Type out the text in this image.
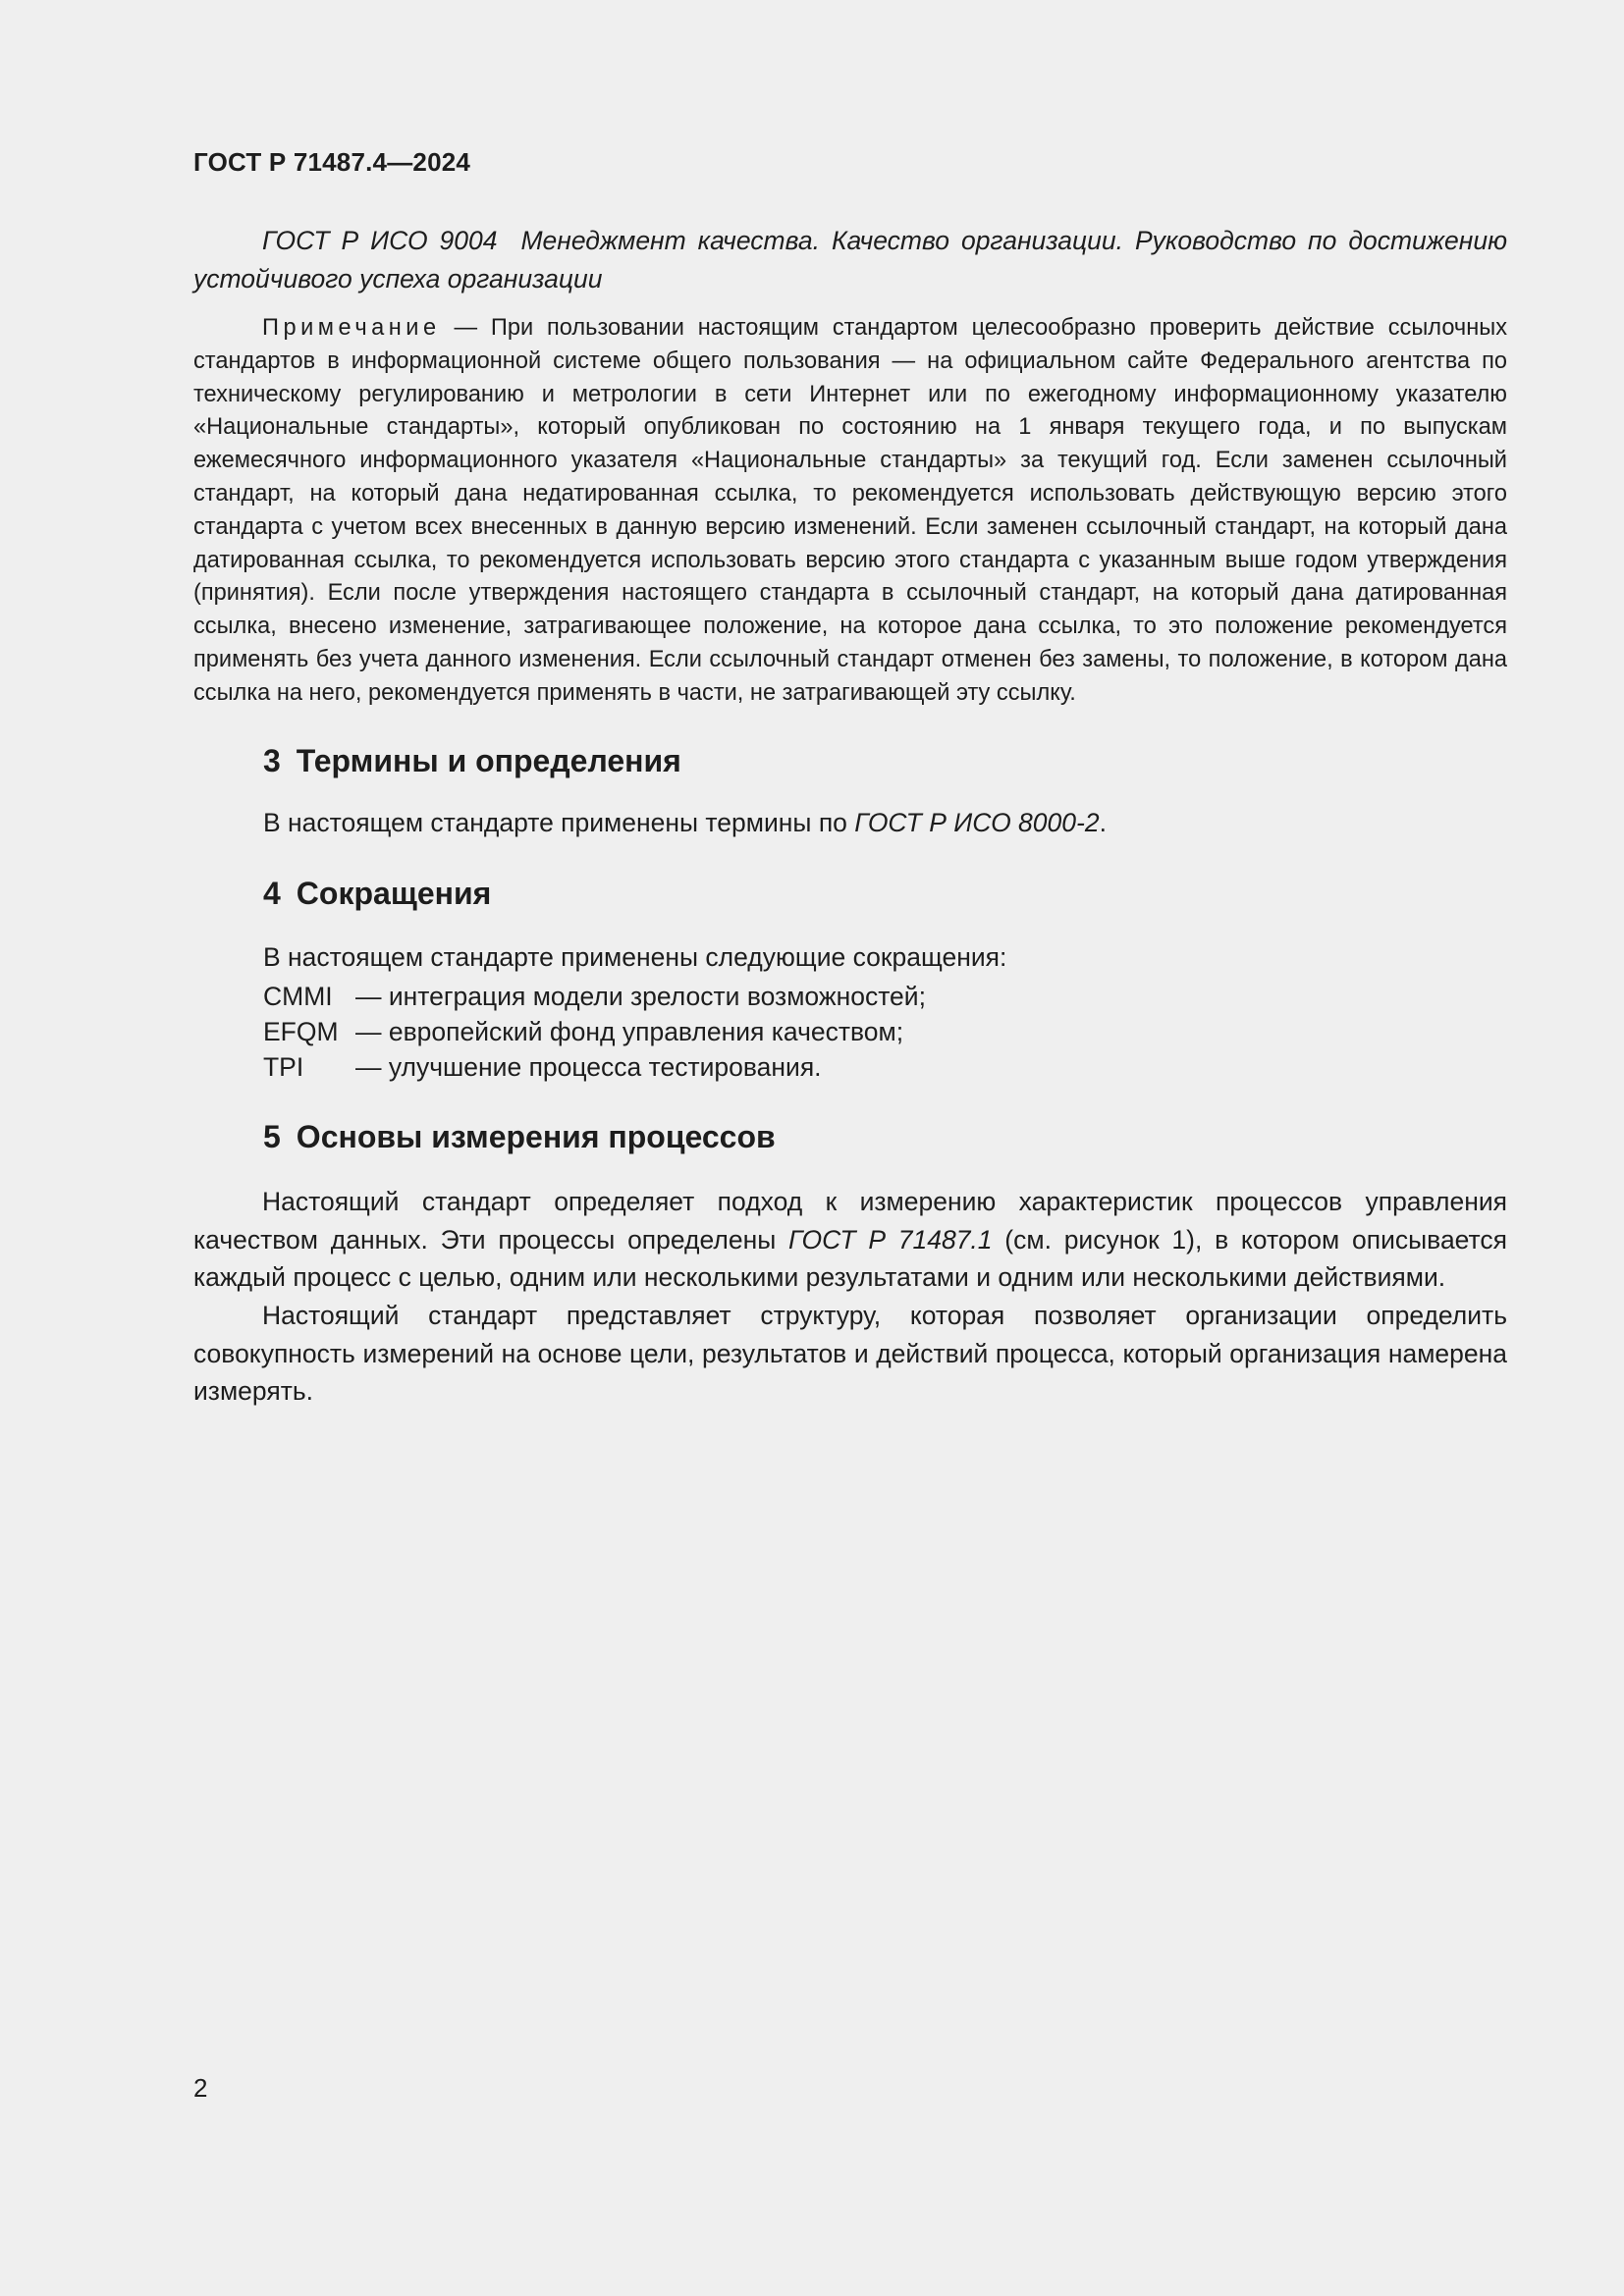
ГОСТ Р 71487.4—2024
ГОСТ Р ИСО 9004 Менеджмент качества. Качество организации. Руководство по достижению устойчивого успеха организации
Примечание — При пользовании настоящим стандартом целесообразно проверить действие ссылочных стандартов в информационной системе общего пользования — на официальном сайте Федерального агентства по техническому регулированию и метрологии в сети Интернет или по ежегодному информационному указателю «Национальные стандарты», который опубликован по состоянию на 1 января текущего года, и по выпускам ежемесячного информационного указателя «Национальные стандарты» за текущий год. Если заменен ссылочный стандарт, на который дана недатированная ссылка, то рекомендуется использовать действующую версию этого стандарта с учетом всех внесенных в данную версию изменений. Если заменен ссылочный стандарт, на который дана датированная ссылка, то рекомендуется использовать версию этого стандарта с указанным выше годом утверждения (принятия). Если после утверждения настоящего стандарта в ссылочный стандарт, на который дана датированная ссылка, внесено изменение, затрагивающее положение, на которое дана ссылка, то это положение рекомендуется применять без учета данного изменения. Если ссылочный стандарт отменен без замены, то положение, в котором дана ссылка на него, рекомендуется применять в части, не затрагивающей эту ссылку.
3 Термины и определения
В настоящем стандарте применены термины по ГОСТ Р ИСО 8000-2.
4 Сокращения
В настоящем стандарте применены следующие сокращения:
CMMI — интеграция модели зрелости возможностей;
EFQM — европейский фонд управления качеством;
TPI	— улучшение процесса тестирования.
5 Основы измерения процессов
Настоящий стандарт определяет подход к измерению характеристик процессов управления качеством данных. Эти процессы определены ГОСТ Р 71487.1 (см. рисунок 1), в котором описывается каждый процесс с целью, одним или несколькими результатами и одним или несколькими действиями.
Настоящий стандарт представляет структуру, которая позволяет организации определить совокупность измерений на основе цели, результатов и действий процесса, который организация намерена измерять.
2
